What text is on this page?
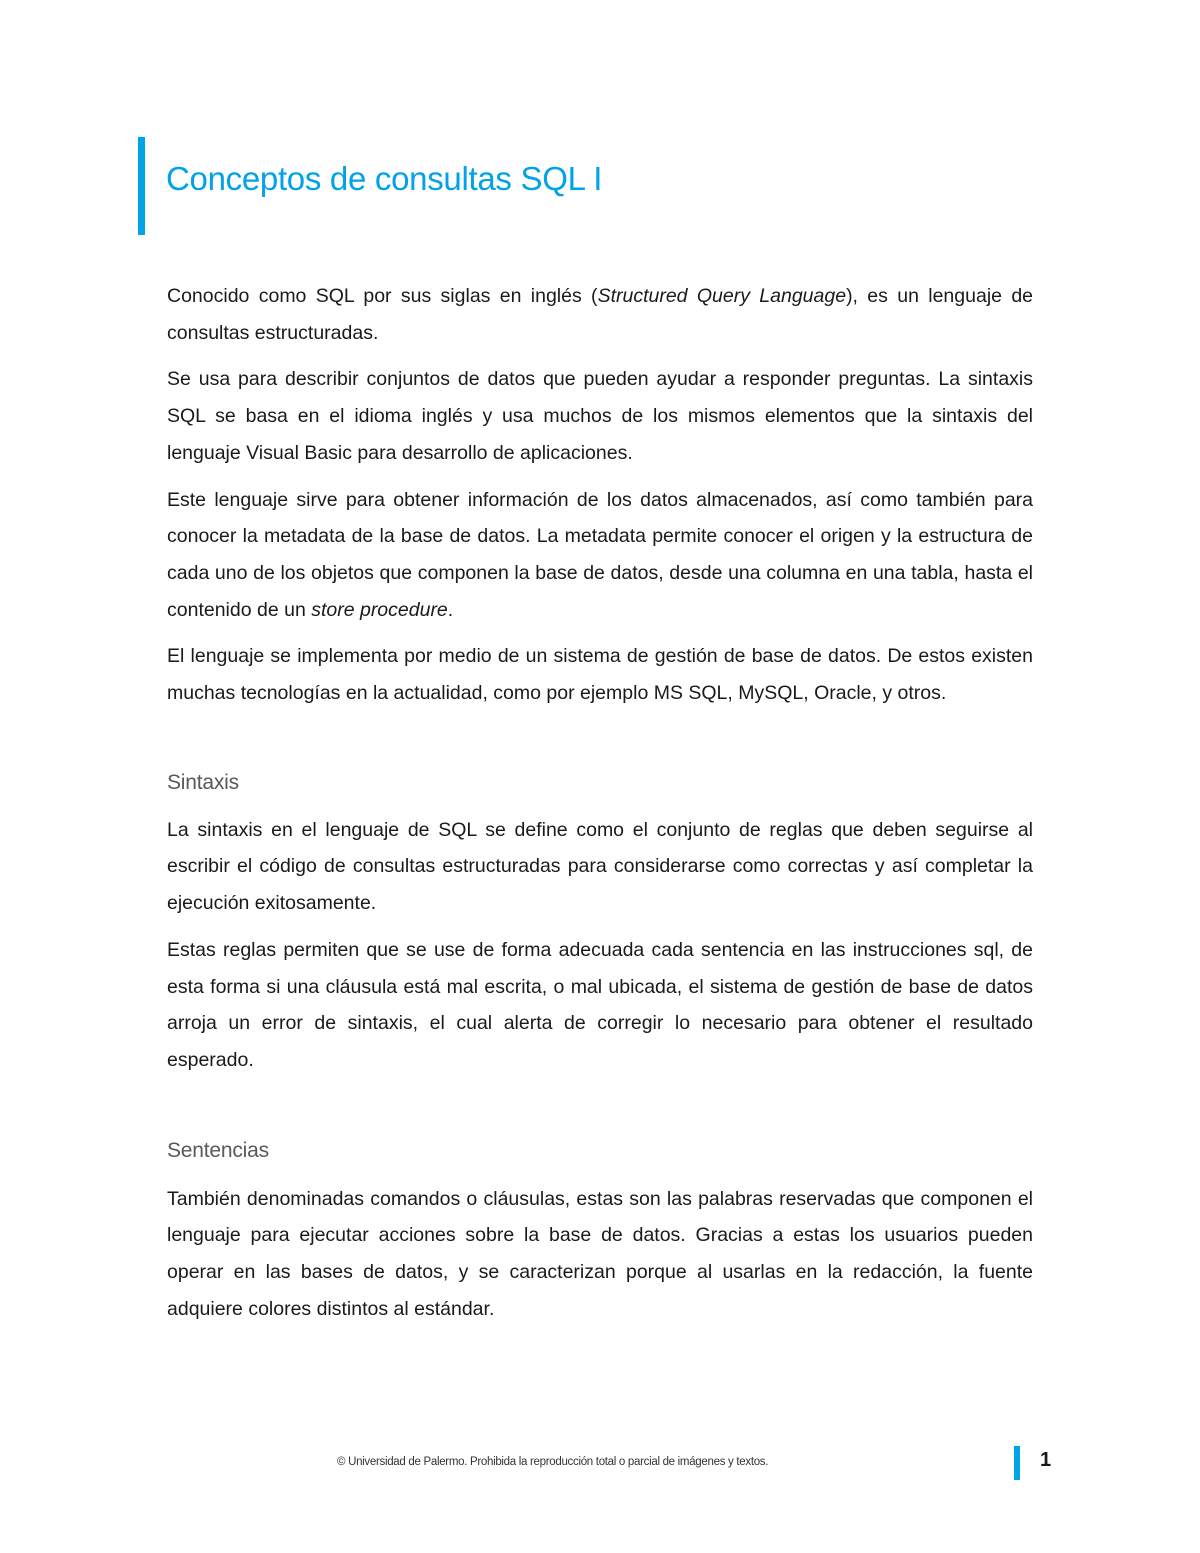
Conceptos de consultas SQL I

Conocido como SQL por sus siglas en inglés (Structured Query Language), es un lenguaje de consultas estructuradas.

Se usa para describir conjuntos de datos que pueden ayudar a responder preguntas. La sintaxis SQL se basa en el idioma inglés y usa muchos de los mismos elementos que la sintaxis del lenguaje Visual Basic para desarrollo de aplicaciones.

Este lenguaje sirve para obtener información de los datos almacenados, así como también para conocer la metadata de la base de datos. La metadata permite conocer el origen y la estructura de cada uno de los objetos que componen la base de datos, desde una columna en una tabla, hasta el contenido de un store procedure.

El lenguaje se implementa por medio de un sistema de gestión de base de datos. De estos existen muchas tecnologías en la actualidad, como por ejemplo MS SQL, MySQL, Oracle, y otros.

Sintaxis

La sintaxis en el lenguaje de SQL se define como el conjunto de reglas que deben seguirse al escribir el código de consultas estructuradas para considerarse como correctas y así completar la ejecución exitosamente.

Estas reglas permiten que se use de forma adecuada cada sentencia en las instrucciones sql, de esta forma si una cláusula está mal escrita, o mal ubicada, el sistema de gestión de base de datos arroja un error de sintaxis, el cual alerta de corregir lo necesario para obtener el resultado esperado.

Sentencias

También denominadas comandos o cláusulas, estas son las palabras reservadas que componen el lenguaje para ejecutar acciones sobre la base de datos. Gracias a estas los usuarios pueden operar en las bases de datos, y se caracterizan porque al usarlas en la redacción, la fuente adquiere colores distintos al estándar.

© Universidad de Palermo. Prohibida la reproducción total o parcial de imágenes y textos.	1
